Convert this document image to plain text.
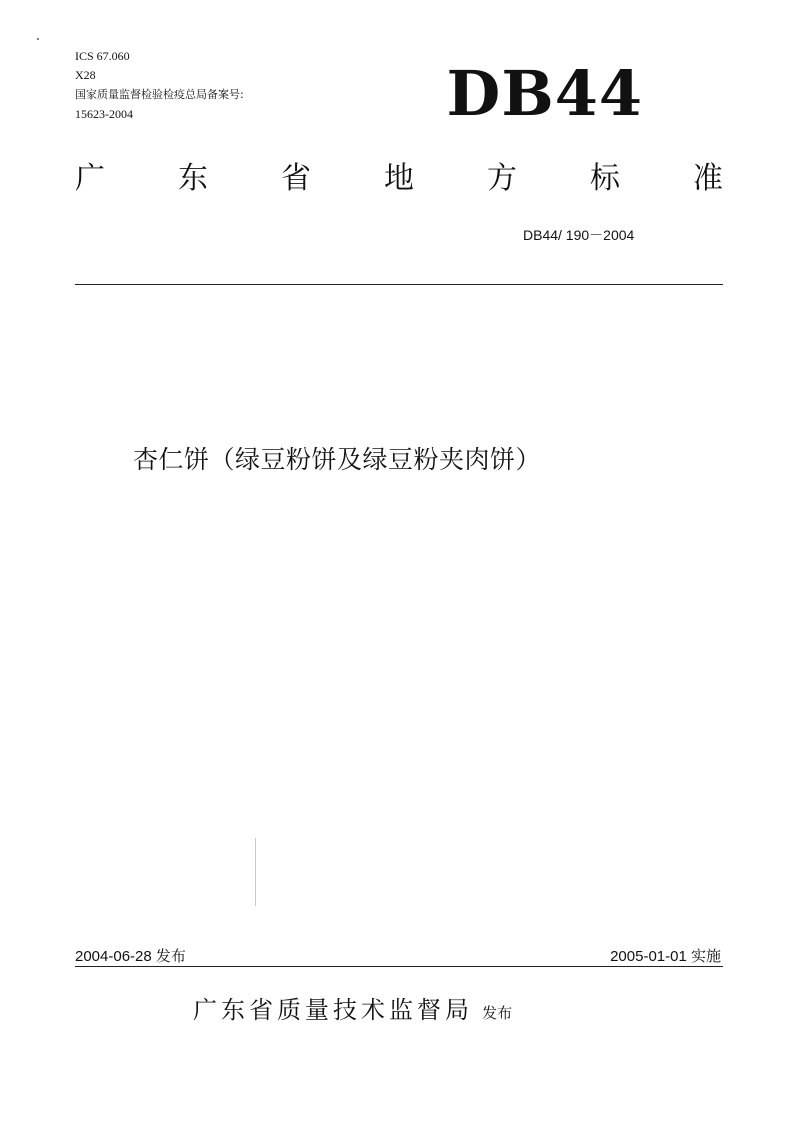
ICS 67.060
X28
国家质量监督检验检疫总局备案号:
15623-2004	DB44
广 东 省 地 方 标 准
DB44/ 190－2004
杏仁饼（绿豆粉饼及绿豆粉夹肉饼）
2004-06-28 发布	2005-01-01 实施
广东省质量技术监督局 发布
